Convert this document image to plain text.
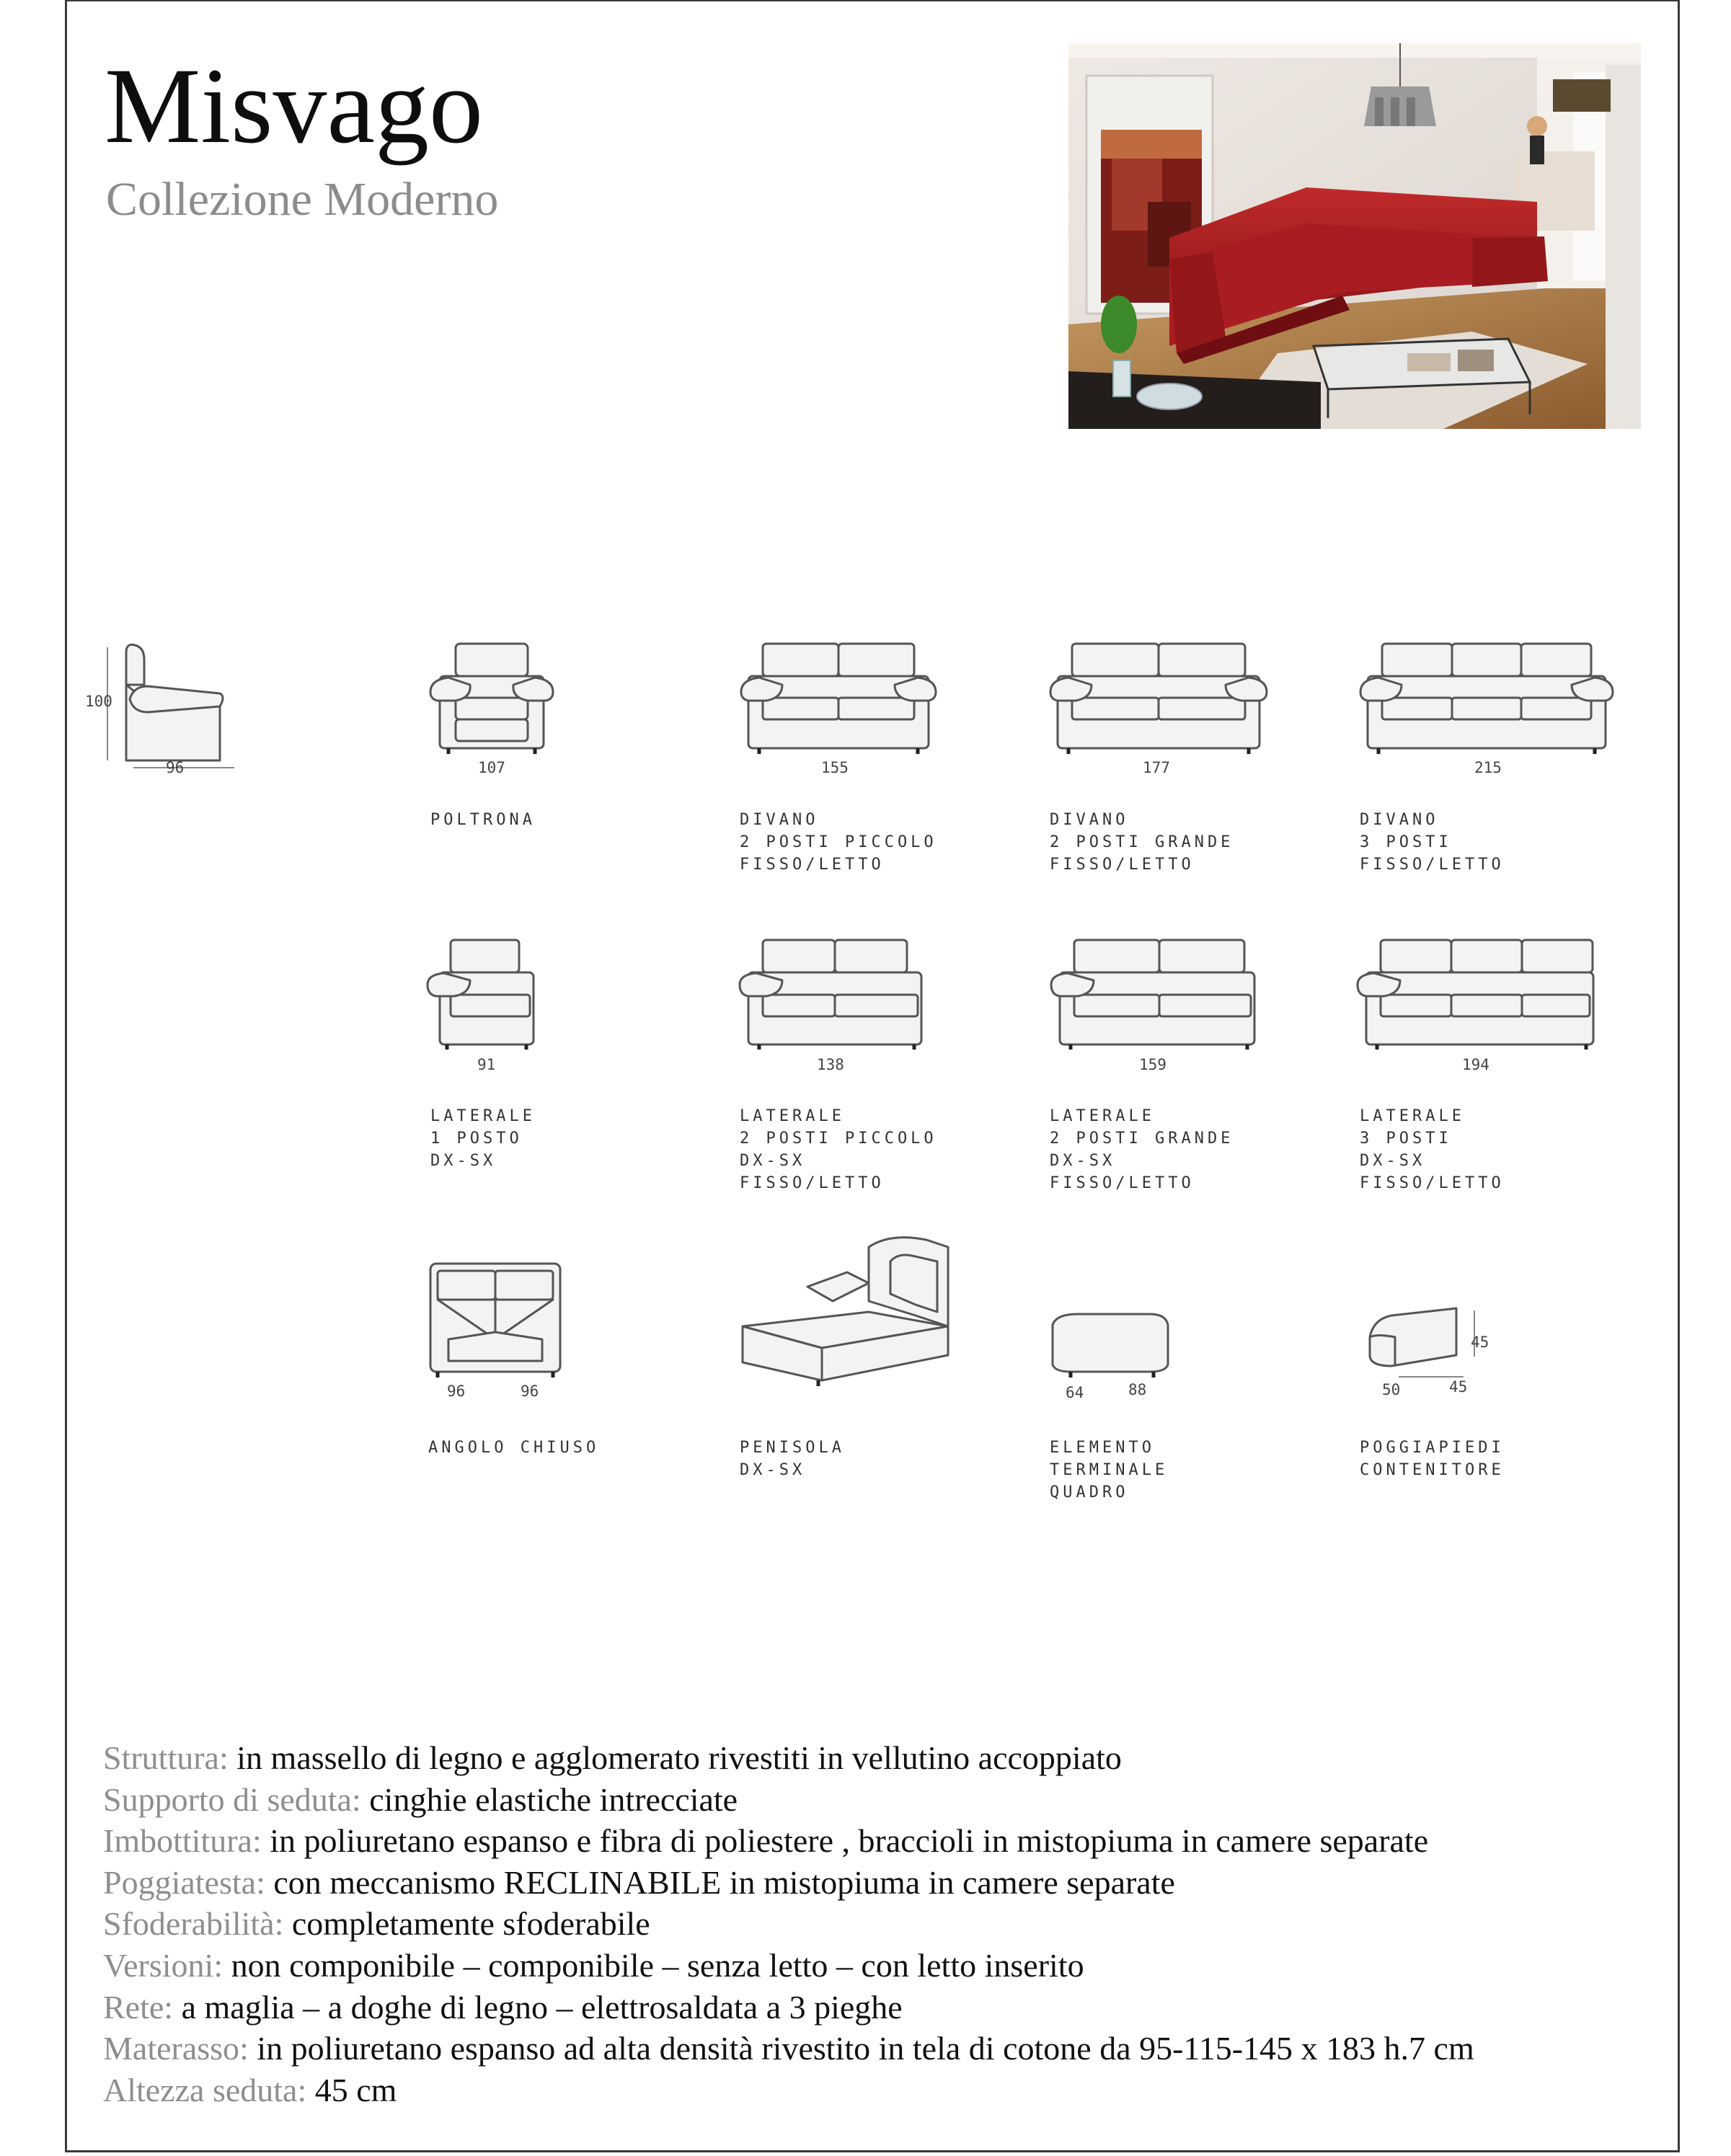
Misvago
Collezione Moderno
100
96	107
POLTRONA
155
DIVANO
2 POSTI PICCOLO
FISSO/LETTO
177
DIVANO
2 POSTI GRANDE
FISSO/LETTO
215
DIVANO
3 POSTI
FISSO/LETTO
91
LATERALE
1 POSTO
DX-SX
138
LATERALE
2 POSTI PICCOLO
DX-SX
FISSO/LETTO
159
LATERALE
2 POSTI GRANDE
DX-SX
FISSO/LETTO
194
LATERALE
3 POSTI
DX-SX
FISSO/LETTO
96	96
ANGOLO CHIUSO	PENISOLA
DX-SX
64	88
ELEMENTO
TERMINALE
QUADRO
45
50	45
POGGIAPIEDI
CONTENITORE
Struttura: in massello di legno e agglomerato rivestiti in vellutino accoppiato
Supporto di seduta: cinghie elastiche intrecciate
Imbottitura: in poliuretano espanso e fibra di poliestere , braccioli in mistopiuma in camere separate
Poggiatesta: con meccanismo RECLINABILE in mistopiuma in camere separate
Sfoderabilità: completamente sfoderabile
Versioni: non componibile – componibile – senza letto – con letto inserito
Rete: a maglia – a doghe di legno – elettrosaldata a 3 pieghe
Materasso: in poliuretano espanso ad alta densità rivestito in tela di cotone da 95-115-145 x 183 h.7 cm
Altezza seduta: 45 cm
